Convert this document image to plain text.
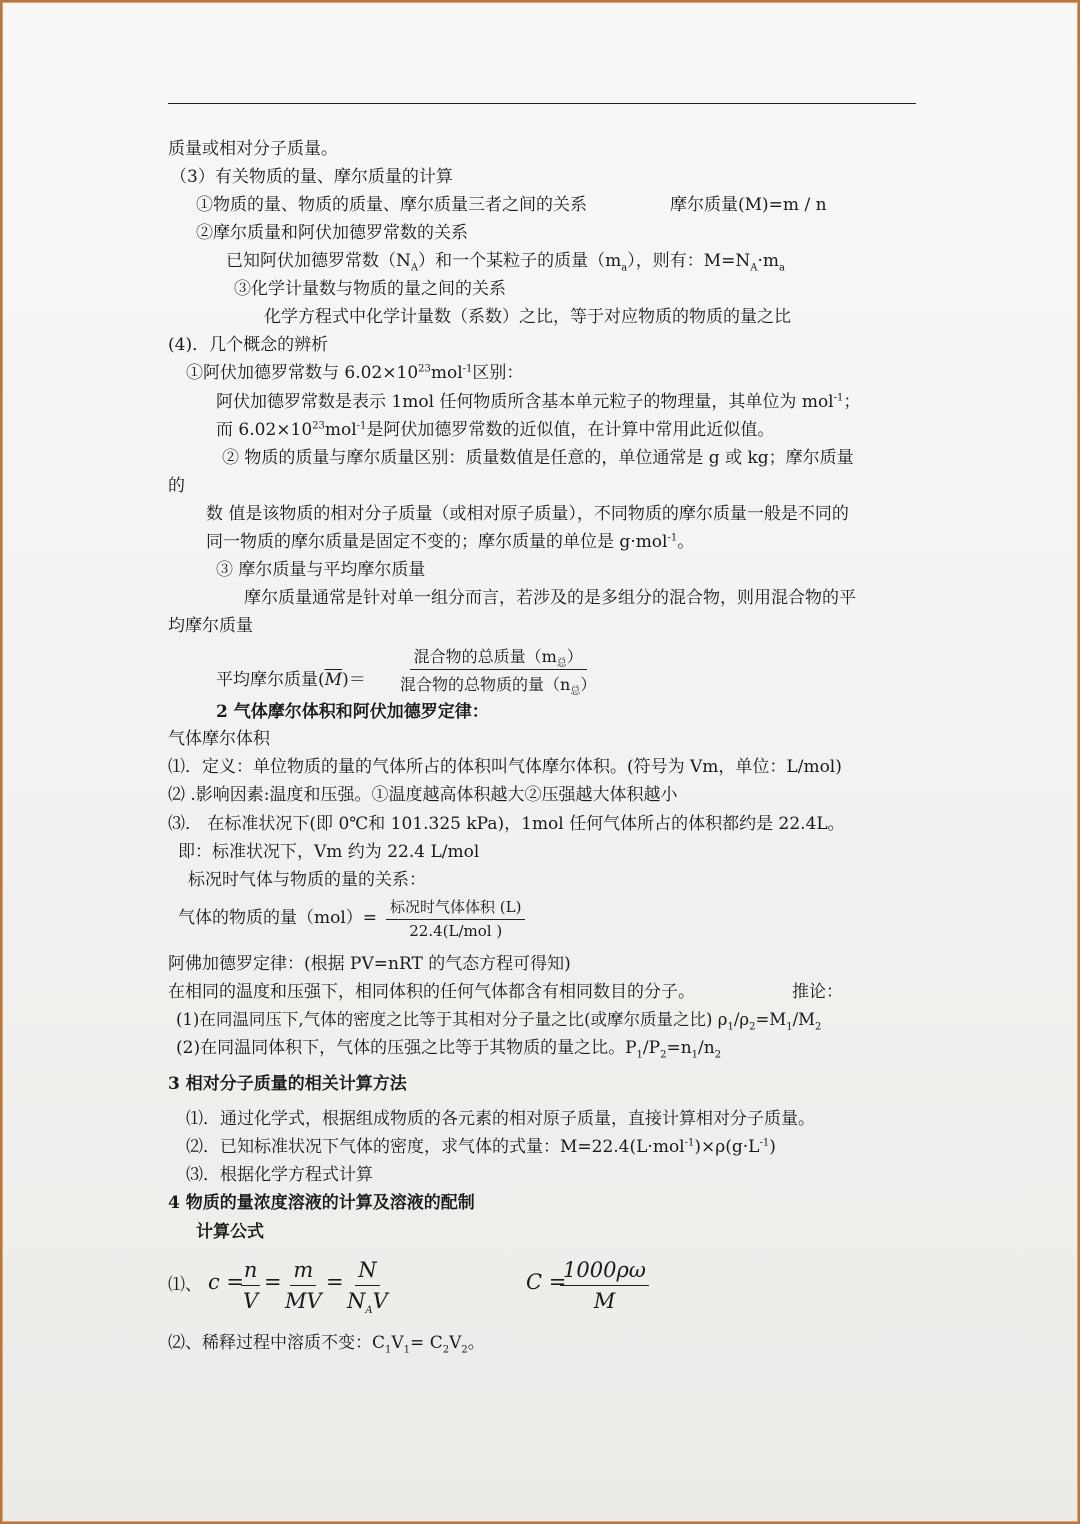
质量或相对分子质量。
（3）有关物质的量、摩尔质量的计算
①物质的量、物质的质量、摩尔质量三者之间的关系	摩尔质量(M)=m / n
②摩尔质量和阿伏加德罗常数的关系
已知阿伏加德罗常数$(N_A)$和一个某粒子的质量$(m_a)$，则有：$M=N_A\cdot m_a$
③化学计量数与物质的量之间的关系
化学方程式中化学计量数（系数）之比，等于对应物质的物质的量之比
(4)．几个概念的辨析
①阿伏加德罗常数与 $6.02\times 10^{23}mol^{-1}$区别：
阿伏加德罗常数是表示 1mol 任何物质所含基本单元粒子的物理量，其单位为 mol$^{-1}$；
而 $6.02\times 10^{23}mol^{-1}$是阿伏加德罗常数的近似值，在计算中常用此近似值。
② 物质的质量与摩尔质量区别：质量数值是任意的，单位通常是 g 或 kg；摩尔质量
的
数 值是该物质的相对分子质量（或相对原子质量），不同物质的摩尔质量一般是不同的
同一物质的摩尔质量是固定不变的；摩尔质量的单位是 g·mol$^{-1}$。
③ 摩尔质量与平均摩尔质量
摩尔质量通常是针对单一组分而言，若涉及的是多组分的混合物，则用混合物的平
均摩尔质量
平均摩尔质量$(\overline{M})=$
混合物的总质量$(m_总)$
混合物的总物质的量$(n_总)$
2 气体摩尔体积和阿伏加德罗定律：
气体摩尔体积
⑴．定义：单位物质的量的气体所占的体积叫气体摩尔体积。(符号为 Vm，单位：L/mol)
⑵ .影响因素:温度和压强。①温度越高体积越大②压强越大体积越小
⑶． 在标准状况下(即 0℃和 101.325 kPa)，1mol 任何气体所占的体积都约是 22.4L。
即：标准状况下，Vm 约为 22.4 L/mol
标况时气体与物质的量的关系：
气体的物质的量（mol）=
标况时气体体积 (L)
22.4(L/mol )
阿佛加德罗定律：(根据 PV=nRT 的气态方程可得知)
在相同的温度和压强下，相同体积的任何气体都含有相同数目的分子。	推论：
(1)在同温同压下,气体的密度之比等于其相对分子量之比(或摩尔质量之比) $\rho_1/\rho_2=M_1/M_2$
(2)在同温同体积下，气体的压强之比等于其物质的量之比。$P_1/P_2=n_1/n_2$
3 相对分子质量的相关计算方法
⑴．通过化学式，根据组成物质的各元素的相对原子质量，直接计算相对分子质量。
⑵．已知标准状况下气体的密度，求气体的式量：$M=22.4(L\cdot mol^{-1})\times\rho(g\cdot L^{-1})$
⑶．根据化学方程式计算
4 物质的量浓度溶液的计算及溶液的配制
计算公式
⑴、 c =
$\frac{n}{V} = \frac{m}{MV} = N$
$N_AV$
C =
$\frac{1000\rho\omega}{M}$
⑵、稀释过程中溶质不变：$C_1V_1= C_2V_2$。
